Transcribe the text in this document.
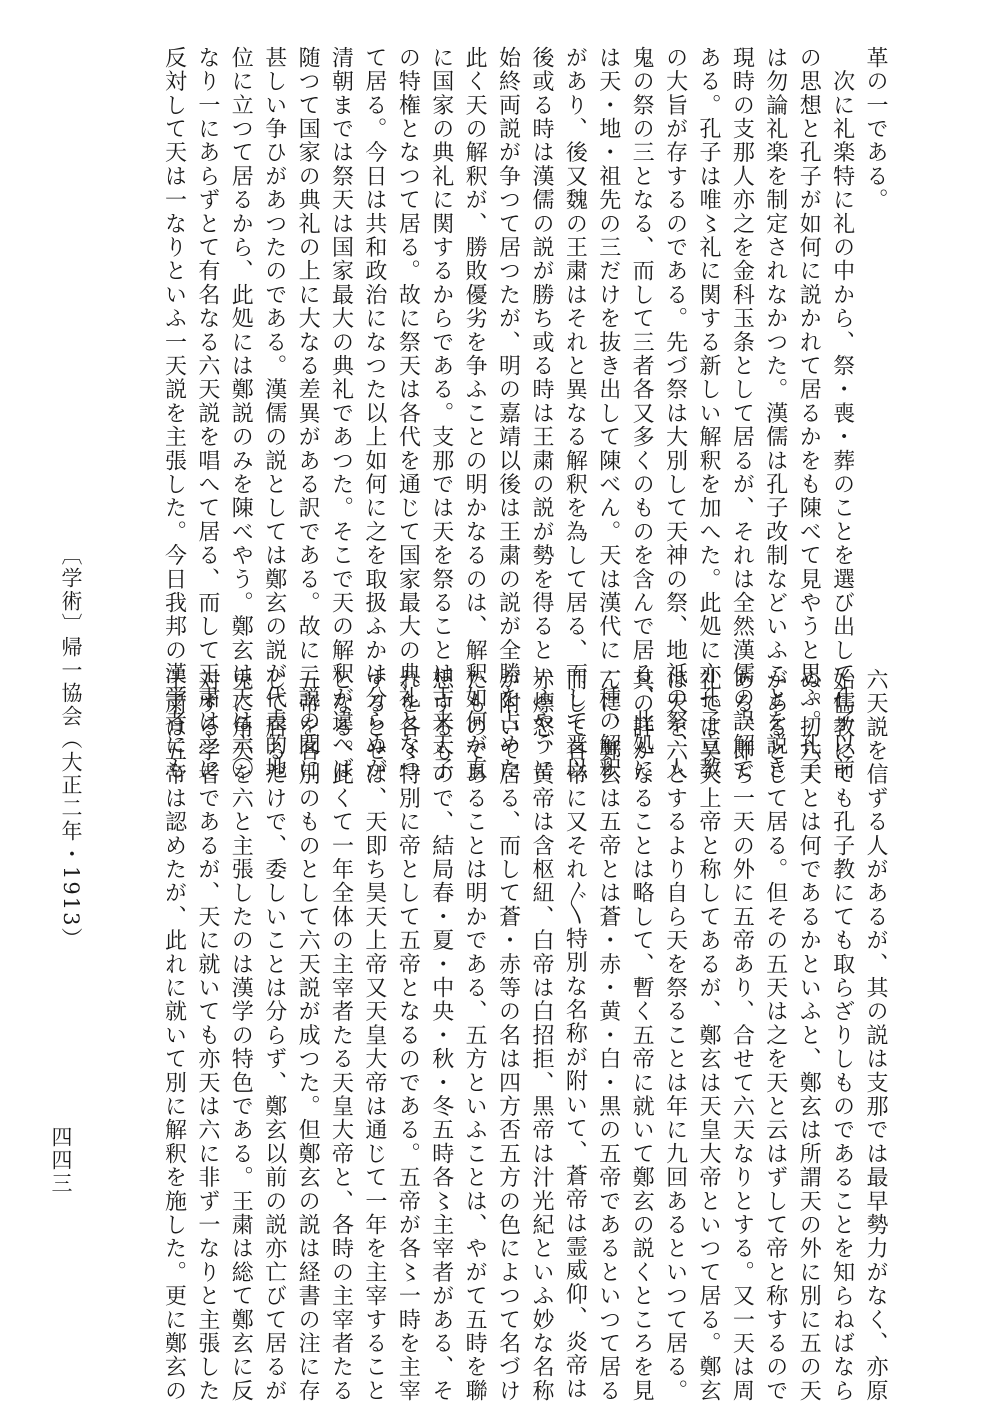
革の一である。
　次に礼楽特に礼の中から、祭・喪・葬のことを選び出して孔子以前
の思想と孔子が如何に説かれて居るかをも陳べて見やうと思ふ。孔子
は勿論礼楽を制定されなかつた。漢儒は孔子改制などいふことを説き
現時の支那人亦之を金科玉条として居るが、それは全然漢儒の誤解で
ある。孔子は唯〻礼に関する新しい解釈を加へた。此処に亦孔子立教
の大旨が存するのである。先づ祭は大別して天神の祭、地祇の祭、人
鬼の祭の三となる、而して三者各又多くのものを含んで居る、此処に
は天・地・祖先の三だけを抜き出して陳べん。天は漢代に一種の解釈
があり、後又魏の王粛はそれと異なる解釈を為して居る、而して晋以
後或る時は漢儒の説が勝ち或る時は王粛の説が勢を得るといふやうに
始終両説が争つて居つたが、明の嘉靖以後は王粛の説が全勝を占めた
此く天の解釈が、勝敗優劣を争ふことの明かなるのは、解釈如何が直
に国家の典礼に関するからである。支那では天を祭ることは古来天子
の特権となつて居る。故に祭天は各代を通じて国家最大の典礼となつ
て居る。今日は共和政治になつた以上如何に之を取扱ふかは分らぬが
清朝までは祭天は国家最大の典礼であつた。そこで天の解釈が違へば
随つて国家の典礼の上に大なる差異がある訳である。故に二説の間に
甚しい争ひがあつたのである。漢儒の説としては鄭玄の説が代表的地
位に立つて居るから、此処には鄭説のみを陳べやう。鄭玄は天は六〇
なり一にあらずとて有名なる六天説を唱へて居る、而して王粛は之に
反対して天は一なりといふ一天説を主張した。今日我邦の漢学者にも
六天説を信ずる人があるが、其の説は支那では最早勢力がなく、亦原
始儒教にても孔子教にても取らざりしものであることを知らねばなら
ぬ。扨六天とは何であるかといふと、鄭玄は所謂天の外に別に五の天
があるとして居る。但その五天は之を天と云はずして帝と称するので
ある、即ち一天の外に五帝あり、合せて六天なりとする。又一天は周
礼では昊天上帝と称してあるが、鄭玄は天皇大帝といつて居る。鄭玄
は天を六とするより自ら天を祭ることは年に九回あるといつて居る。
其の詳かなることは略して、暫く五帝に就いて鄭玄の説くところを見
んに、鄭玄は五帝とは蒼・赤・黄・白・黒の五帝であるといつて居る
而して各帝に又それ〴〵特別な名称が附いて、蒼帝は霊威仰、炎帝は
赤熛怒、黄帝は含枢紐、白帝は白招拒、黒帝は汁光紀といふ妙な名称
が附いて居る、而して蒼・赤等の名は四方否五方の色によつて名づけ
たものであることは明かである、五方といふことは、やがて五時を聯
想するもので、結局春・夏・中央・秋・冬五時各〻主宰者がある、そ
れを各〻特別に帝として五帝となるのである。五帝が各〻一時を主宰
するとせば、天即ち昊天上帝又天皇大帝は通じて一年を主宰すること
となる。此くて一年全体の主宰者たる天皇大帝と、各時の主宰者たる
五帝を各別のものとして六天説が成つた。但鄭玄の説は経書の注に存
じて居るだけで、委しいことは分らず、鄭玄以前の説亦亡びて居るが
兎に角天を六と主張したのは漢学の特色である。王粛は総て鄭玄に反
対する学者であるが、天に就いても亦天は六に非ず一なりと主張した
王粛は五帝は認めたが、此れに就いて別に解釈を施した。更に鄭玄の
四四三
〔学術〕帰一協会（大正二年・1913）
